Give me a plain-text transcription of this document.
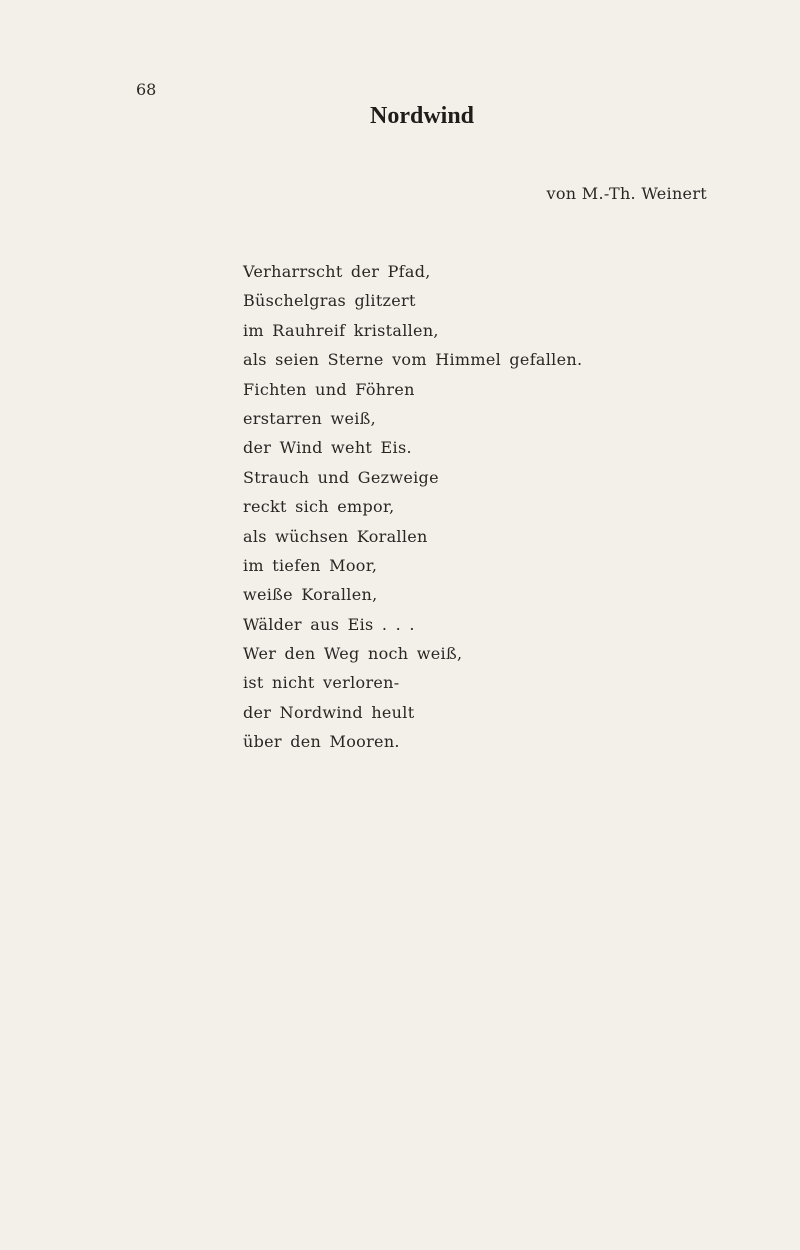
68
Nordwind
von M.-Th. Weinert
Verharrscht der Pfad,
Büschelgras glitzert
im Rauhreif kristallen,
als seien Sterne vom Himmel gefallen.
Fichten und Föhren
erstarren weiß,
der Wind weht Eis.
Strauch und Gezweige
reckt sich empor,
als wüchsen Korallen
im tiefen Moor,
weiße Korallen,
Wälder aus Eis . . .
Wer den Weg noch weiß,
ist nicht verloren-
der Nordwind heult
über den Mooren.
